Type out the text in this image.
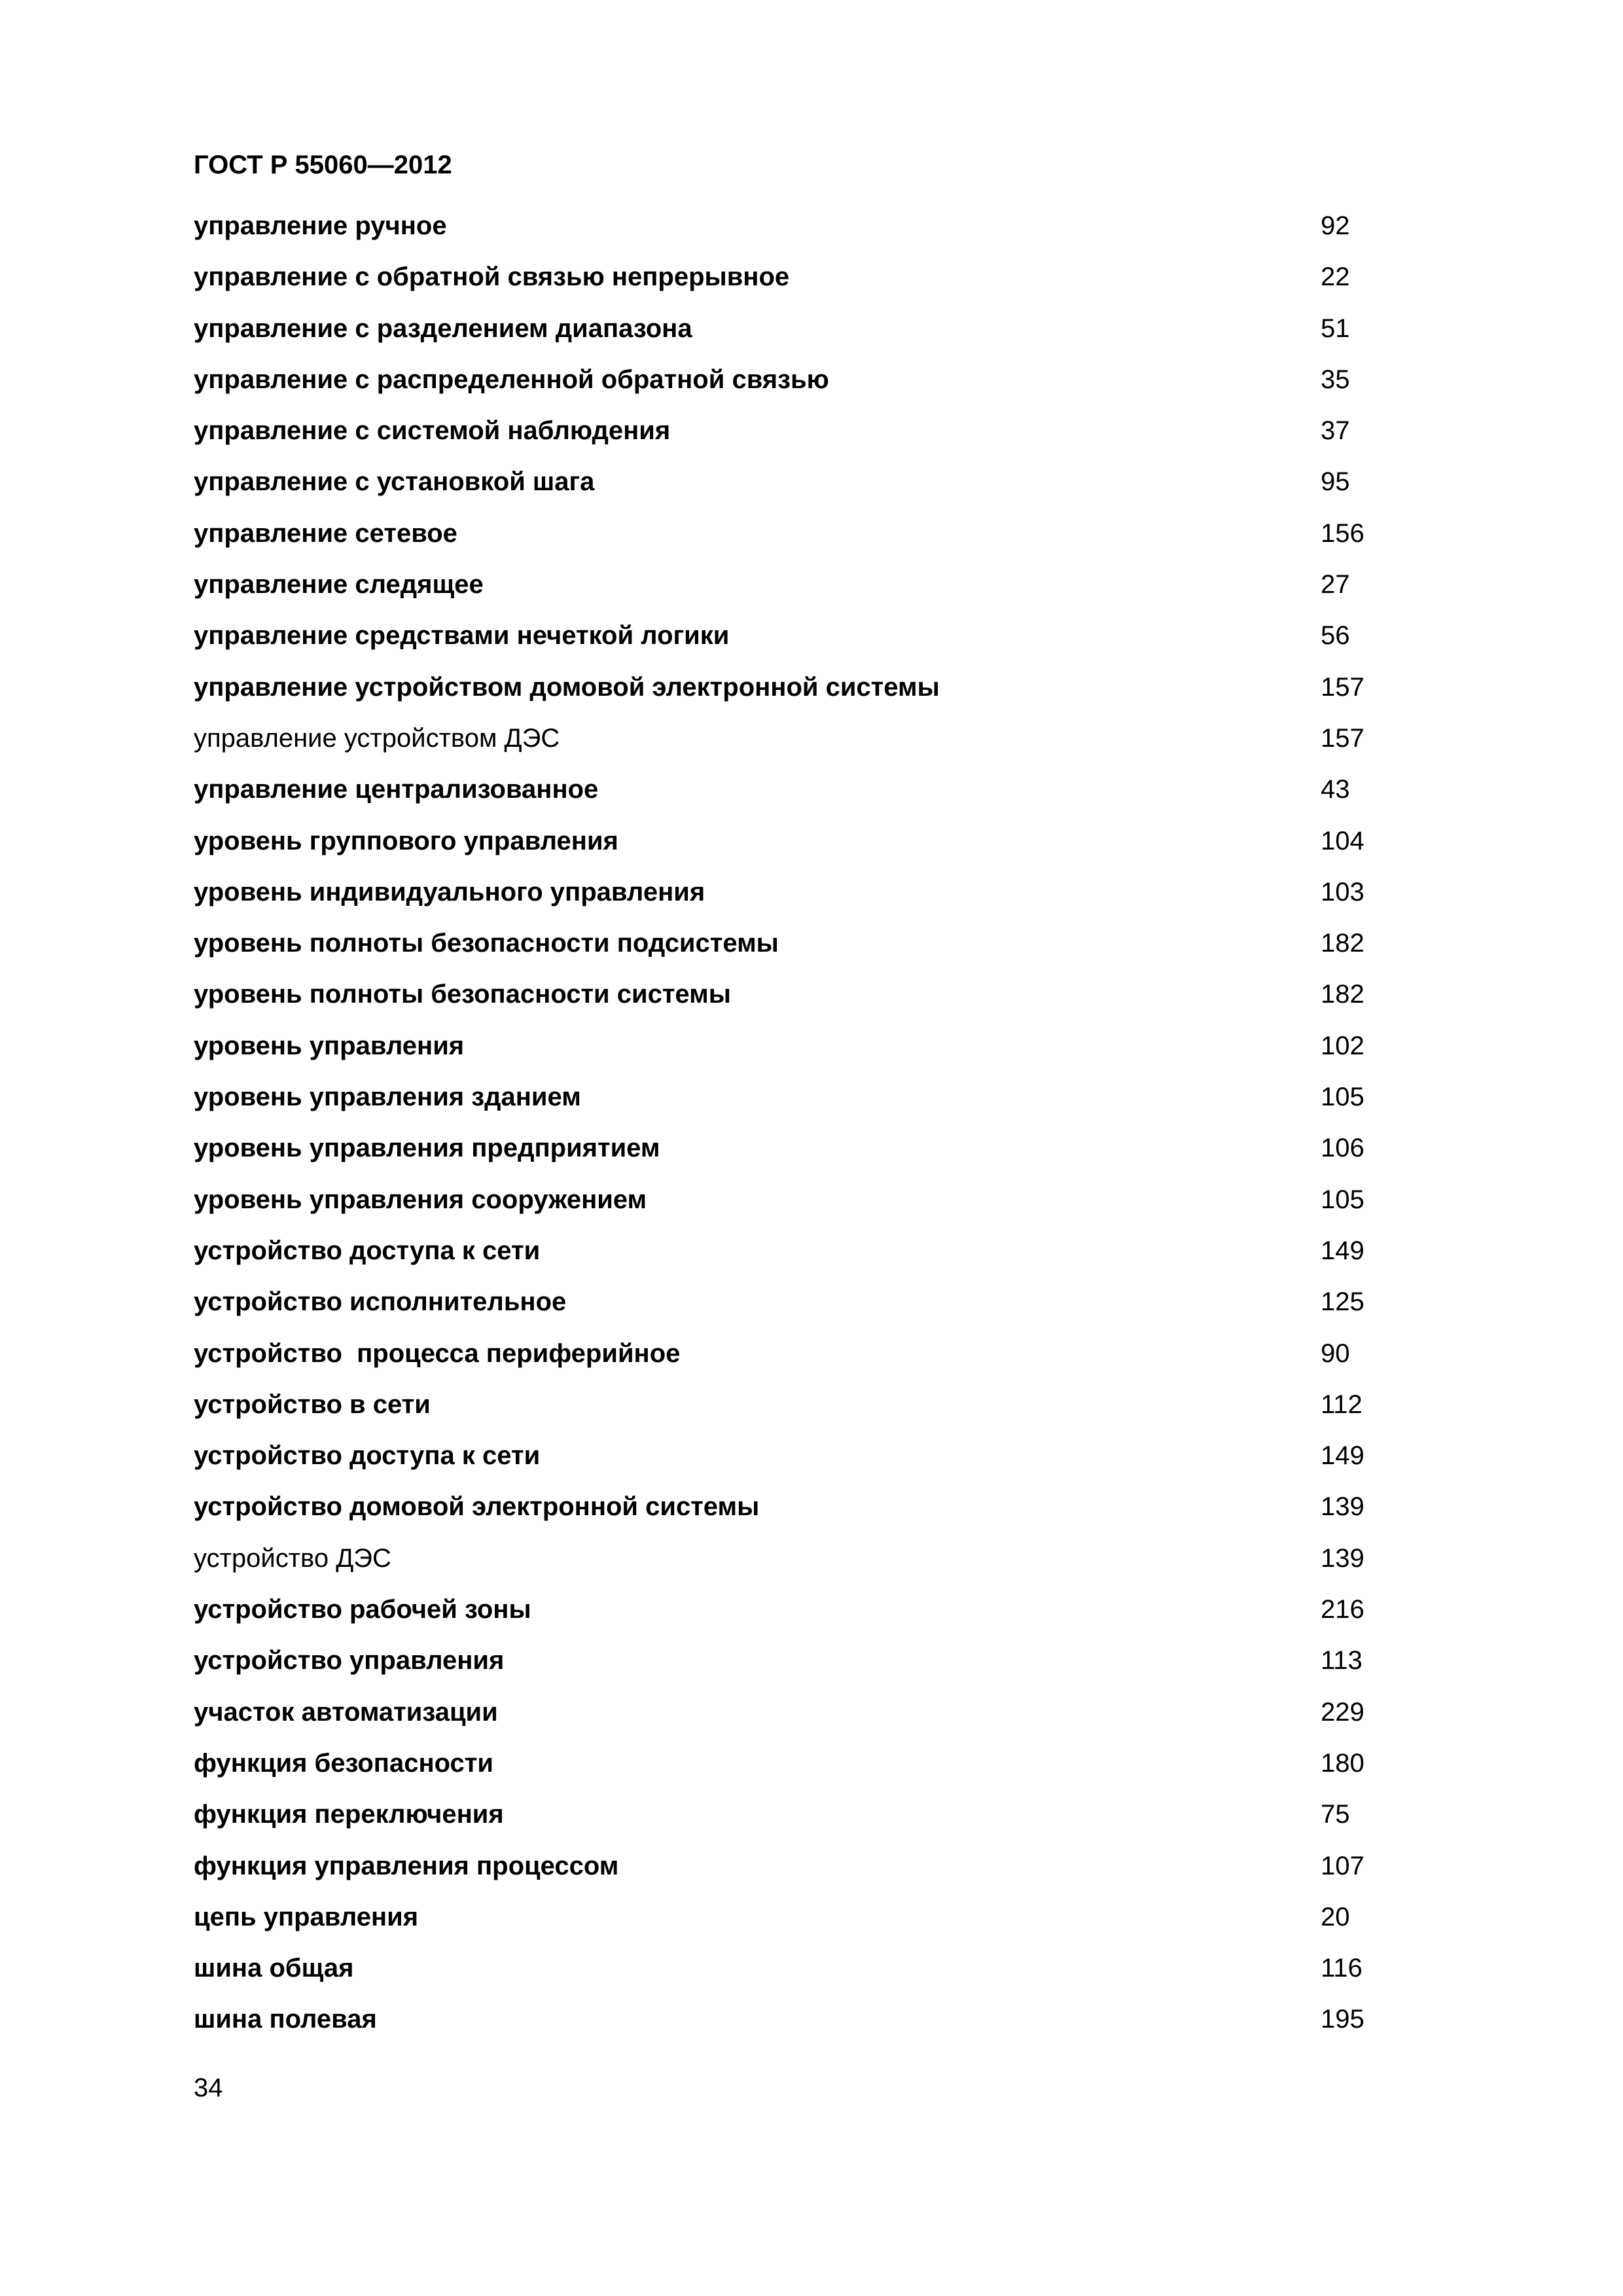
ГОСТ Р 55060—2012
управление ручное	92
управление с обратной связью непрерывное	22
управление с разделением диапазона	51
управление с распределенной обратной связью	35
управление с системой наблюдения	37
управление с установкой шага	95
управление сетевое	156
управление следящее	27
управление средствами нечеткой логики	56
управление устройством домовой электронной системы	157
управление устройством ДЭС	157
управление централизованное	43
уровень группового управления	104
уровень индивидуального управления	103
уровень полноты безопасности подсистемы	182
уровень полноты безопасности системы	182
уровень управления	102
уровень управления зданием	105
уровень управления предприятием	106
уровень управления сооружением	105
устройство доступа к сети	149
устройство исполнительное	125
устройство  процесса периферийное	90
устройство в сети	112
устройство доступа к сети	149
устройство домовой электронной системы	139
устройство ДЭС	139
устройство рабочей зоны	216
устройство управления	113
участок автоматизации	229
функция безопасности	180
функция переключения	75
функция управления процессом	107
цепь управления	20
шина общая	116
шина полевая	195
34
